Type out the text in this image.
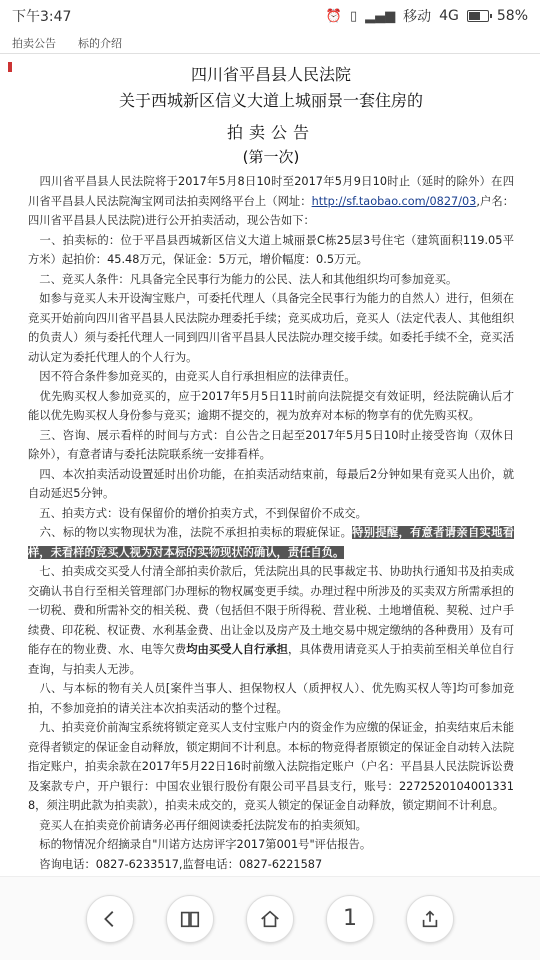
下午3:47	⏰ ▯ ▂▄▆ 移动 4G	58%
拍卖公告 标的介绍
四川省平昌县人民法院
关于西城新区信义大道上城丽景一套住房的
拍卖公告
(第一次)

 四川省平昌县人民法院将于2017年5月8日10时至2017年5月9日10时止（延时的除外）在四川省平昌县人民法院淘宝网司法拍卖网络平台上（网址：http://sf.taobao.com/0827/03,户名：四川省平昌县人民法院)进行公开拍卖活动，现公告如下：

 一、拍卖标的：位于平昌县西城新区信义大道上城丽景C栋25层3号住宅（建筑面积119.05平方米）起拍价：45.48万元，保证金：5万元，增价幅度：0.5万元。

 二、竞买人条件：凡具备完全民事行为能力的公民、法人和其他组织均可参加竞买。

 如参与竞买人未开设淘宝账户，可委托代理人（具备完全民事行为能力的自然人）进行，但须在竞买开始前向四川省平昌县人民法院办理委托手续；竞买成功后，竞买人（法定代表人、其他组织的负责人）须与委托代理人一同到四川省平昌县人民法院办理交接手续。如委托手续不全，竞买活动认定为委托代理人的个人行为。

 因不符合条件参加竞买的，由竞买人自行承担相应的法律责任。

 优先购买权人参加竞买的，应于2017年5月5日11时前向法院提交有效证明，经法院确认后才能以优先购买权人身份参与竞买；逾期不提交的，视为放弃对本标的物享有的优先购买权。

 三、咨询、展示看样的时间与方式：自公告之日起至2017年5月5日10时止接受咨询（双休日除外），有意者请与委托法院联系统一安排看样。

 四、本次拍卖活动设置延时出价功能，在拍卖活动结束前，每最后2分钟如果有竞买人出价，就自动延迟5分钟。

 五、拍卖方式：设有保留价的增价拍卖方式，不到保留价不成交。

 六、标的物以实物现状为准，法院不承担拍卖标的瑕疵保证。特别提醒，有意者请亲自实地看样，未看样的竞买人视为对本标的实物现状的确认，责任自负。

 七、拍卖成交买受人付清全部拍卖价款后，凭法院出具的民事裁定书、协助执行通知书及拍卖成交确认书自行至相关管理部门办理标的物权属变更手续。办理过程中所涉及的买卖双方所需承担的一切税、费和所需补交的相关税、费（包括但不限于所得税、营业税、土地增值税、契税、过户手续费、印花税、权证费、水利基金费、出让金以及房产及土地交易中规定缴纳的各种费用）及有可能存在的物业费、水、电等欠费均由买受人自行承担，具体费用请竞买人于拍卖前至相关单位自行查询，与拍卖人无涉。

 八、与本标的物有关人员[案件当事人、担保物权人（质押权人）、优先购买权人等]均可参加竞拍，不参加竞拍的请关注本次拍卖活动的整个过程。

 九、拍卖竞价前淘宝系统将锁定竞买人支付宝账户内的资金作为应缴的保证金，拍卖结束后未能竞得者锁定的保证金自动释放，锁定期间不计利息。本标的物竞得者原锁定的保证金自动转入法院指定账户，拍卖余款在2017年5月22日16时前缴入法院指定账户（户名：平昌县人民法院诉讼费及案款专户，开户银行：中国农业银行股份有限公司平昌县支行，账号：22725201040013318，须注明此款为拍卖款），拍卖未成交的，竞买人锁定的保证金自动释放，锁定期间不计利息。

 竞买人在拍卖竞价前请务必再仔细阅读委托法院发布的拍卖须知。

 标的物情况介绍摘录自"川诺方达房评字2017第001号"评估报告。

 咨询电话：0827-6233517,监督电话：0827-6221587

1
